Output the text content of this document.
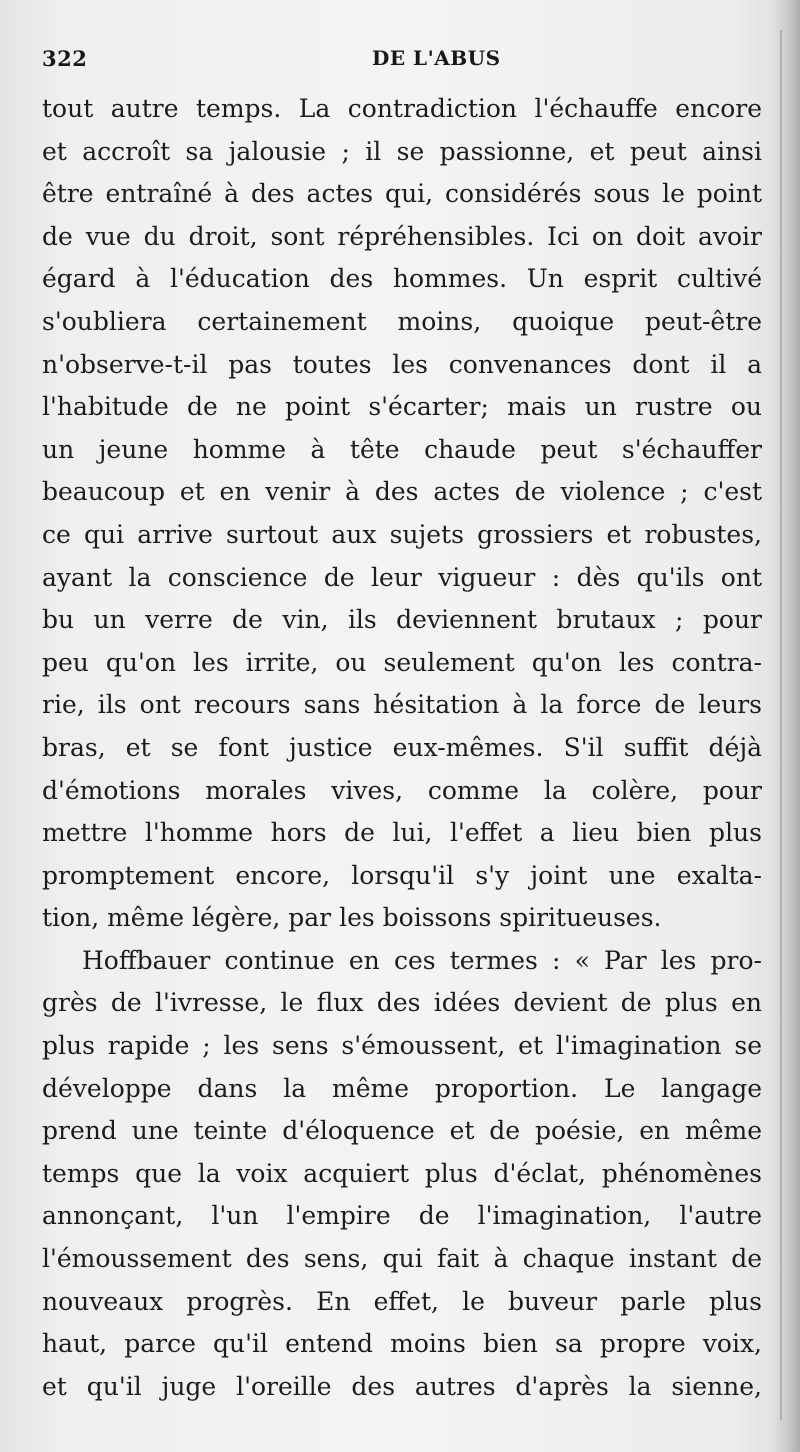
322	DE L'ABUS
tout autre temps. La contradiction l'échauffe encore
et accroît sa jalousie ; il se passionne, et peut ainsi
être entraîné à des actes qui, considérés sous le point
de vue du droit, sont répréhensibles. Ici on doit avoir
égard à l'éducation des hommes. Un esprit cultivé
s'oubliera certainement moins, quoique peut-être
n'observe-t-il pas toutes les convenances dont il a
l'habitude de ne point s'écarter; mais un rustre ou
un jeune homme à tête chaude peut s'échauffer
beaucoup et en venir à des actes de violence ; c'est
ce qui arrive surtout aux sujets grossiers et robustes,
ayant la conscience de leur vigueur : dès qu'ils ont
bu un verre de vin, ils deviennent brutaux ; pour
peu qu'on les irrite, ou seulement qu'on les contra-
rie, ils ont recours sans hésitation à la force de leurs
bras, et se font justice eux-mêmes. S'il suffit déjà
d'émotions morales vives, comme la colère, pour
mettre l'homme hors de lui, l'effet a lieu bien plus
promptement encore, lorsqu'il s'y joint une exalta-
tion, même légère, par les boissons spiritueuses.
Hoffbauer continue en ces termes : « Par les pro-
grès de l'ivresse, le flux des idées devient de plus en
plus rapide ; les sens s'émoussent, et l'imagination se
développe dans la même proportion. Le langage
prend une teinte d'éloquence et de poésie, en même
temps que la voix acquiert plus d'éclat, phénomènes
annonçant, l'un l'empire de l'imagination, l'autre
l'émoussement des sens, qui fait à chaque instant de
nouveaux progrès. En effet, le buveur parle plus
haut, parce qu'il entend moins bien sa propre voix,
et qu'il juge l'oreille des autres d'après la sienne,
